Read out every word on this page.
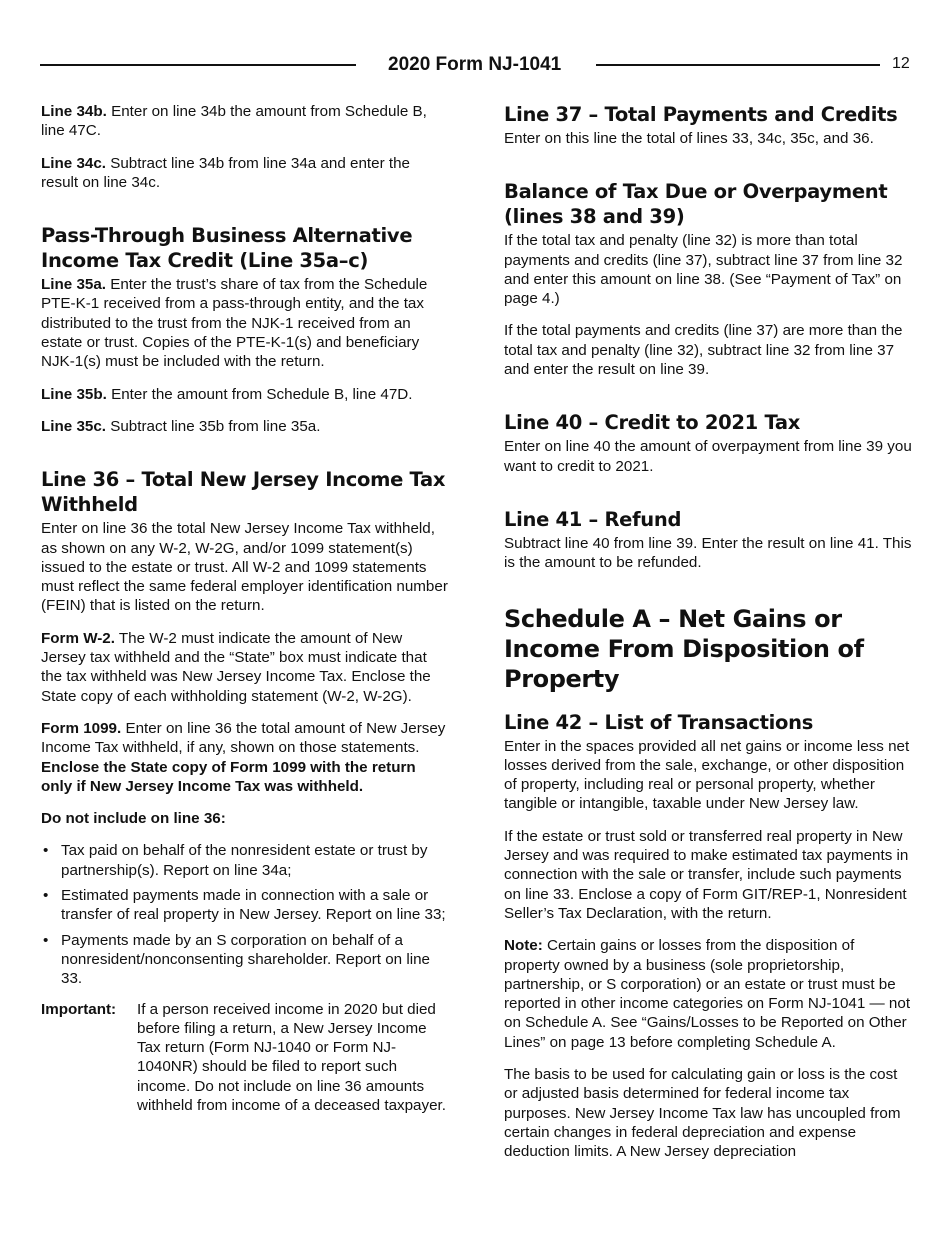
2020 Form NJ-1041	12

Line 34b. Enter on line 34b the amount from Schedule B, line 47C.

Line 34c. Subtract line 34b from line 34a and enter the result on line 34c.

Pass-Through Business Alternative Income Tax Credit (Line 35a–c)

Line 35a. Enter the trust’s share of tax from the Schedule PTE-K-1 received from a pass-through entity, and the tax distributed to the trust from the NJK-1 received from an estate or trust. Copies of the PTE-K-1(s) and beneficiary NJK-1(s) must be included with the return.

Line 35b. Enter the amount from Schedule B, line 47D.

Line 35c. Subtract line 35b from line 35a.

Line 36 – Total New Jersey Income Tax Withheld

Enter on line 36 the total New Jersey Income Tax withheld, as shown on any W-2, W-2G, and/or 1099 statement(s) issued to the estate or trust. All W-2 and 1099 statements must reflect the same federal employer identification number (FEIN) that is listed on the return.

Form W-2. The W-2 must indicate the amount of New Jersey tax withheld and the “State” box must indicate that the tax withheld was New Jersey Income Tax. Enclose the State copy of each withholding statement (W-2, W-2G).

Form 1099. Enter on line 36 the total amount of New Jersey Income Tax withheld, if any, shown on those statements. Enclose the State copy of Form 1099 with the return only if New Jersey Income Tax was withheld.

Do not include on line 36:

• Tax paid on behalf of the nonresident estate or trust by partnership(s). Report on line 34a;
• Estimated payments made in connection with a sale or transfer of real property in New Jersey. Report on line 33;
• Payments made by an S corporation on behalf of a nonresident/nonconsenting shareholder. Report on line 33.
Important:	If a person received income in 2020 but died before filing a return, a New Jersey Income Tax return (Form NJ-1040 or Form NJ-1040NR) should be filed to report such income. Do not include on line 36 amounts withheld from income of a deceased taxpayer.
Line 37 – Total Payments and Credits

Enter on this line the total of lines 33, 34c, 35c, and 36.

Balance of Tax Due or Overpayment (lines 38 and 39)

If the total tax and penalty (line 32) is more than total payments and credits (line 37), subtract line 37 from line 32 and enter this amount on line 38. (See “Payment of Tax” on page 4.)

If the total payments and credits (line 37) are more than the total tax and penalty (line 32), subtract line 32 from line 37 and enter the result on line 39.

Line 40 – Credit to 2021 Tax

Enter on line 40 the amount of overpayment from line 39 you want to credit to 2021.

Line 41 – Refund

Subtract line 40 from line 39. Enter the result on line 41. This is the amount to be refunded.

Schedule A – Net Gains or Income From Disposition of Property
Line 42 – List of Transactions

Enter in the spaces provided all net gains or income less net losses derived from the sale, exchange, or other disposition of property, including real or personal property, whether tangible or intangible, taxable under New Jersey law.

If the estate or trust sold or transferred real property in New Jersey and was required to make estimated tax payments in connection with the sale or transfer, include such payments on line 33. Enclose a copy of Form GIT/REP-1, Nonresident Seller’s Tax Declaration, with the return.

Note: Certain gains or losses from the disposition of property owned by a business (sole proprietorship, partnership, or S corporation) or an estate or trust must be reported in other income categories on Form NJ-1041 — not on Schedule A. See “Gains/Losses to be Reported on Other Lines” on page 13 before completing Schedule A.

The basis to be used for calculating gain or loss is the cost or adjusted basis determined for federal income tax purposes. New Jersey Income Tax law has uncoupled from certain changes in federal depreciation and expense deduction limits. A New Jersey depreciation
